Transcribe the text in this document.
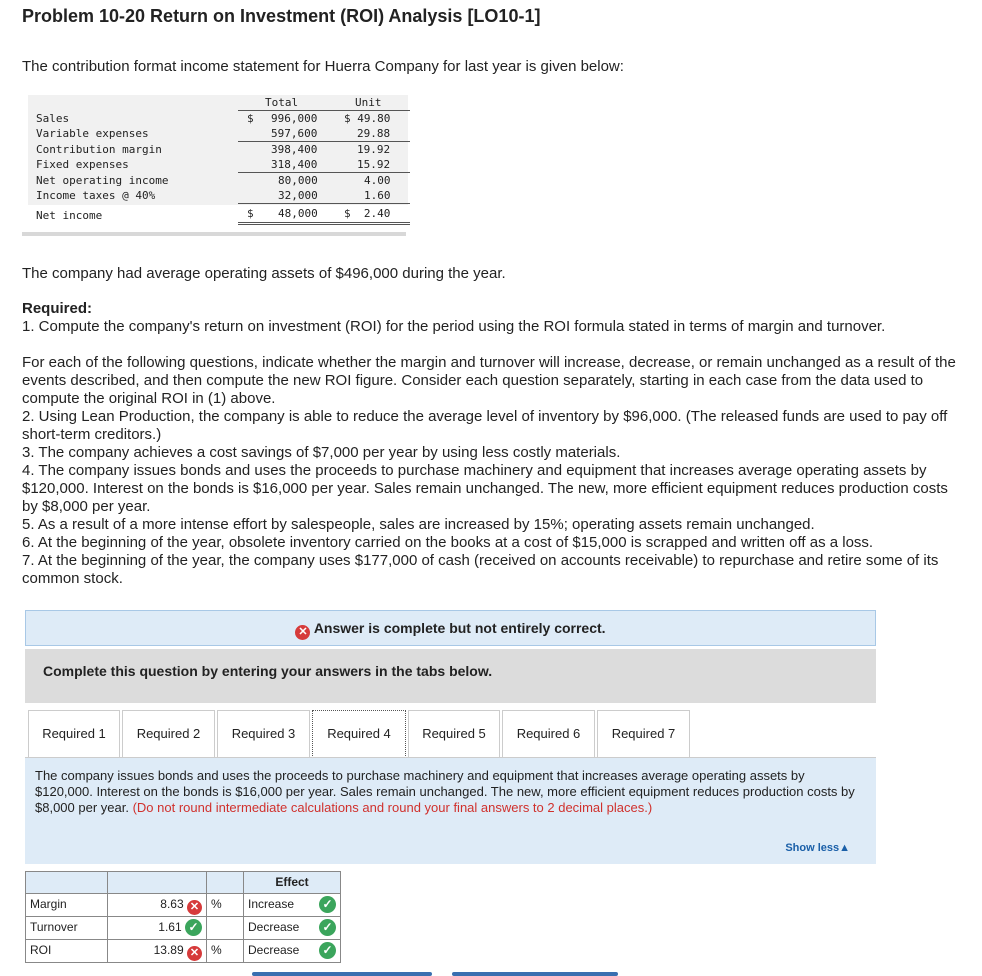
Problem 10-20 Return on Investment (ROI) Analysis [LO10-1]
The contribution format income statement for Huerra Company for last year is given below:
Total	Unit
Sales	$ 996,000 $ 49.80
Variable expenses	597,600	29.88
Contribution margin	398,400	19.92
Fixed expenses	318,400	15.92
Net operating income	80,000	4.00
Income taxes @ 40%	32,000	1.60
Net income	$ 48,000 $  2.40
The company had average operating assets of $496,000 during the year.
Required:
1. Compute the company's return on investment (ROI) for the period using the ROI formula stated in terms of margin and turnover.
For each of the following questions, indicate whether the margin and turnover will increase, decrease, or remain unchanged as a result of the events described, and then compute the new ROI figure. Consider each question separately, starting in each case from the data used to compute the original ROI in (1) above.
2. Using Lean Production, the company is able to reduce the average level of inventory by $96,000. (The released funds are used to pay off short-term creditors.)
3. The company achieves a cost savings of $7,000 per year by using less costly materials.
4. The company issues bonds and uses the proceeds to purchase machinery and equipment that increases average operating assets by $120,000. Interest on the bonds is $16,000 per year. Sales remain unchanged. The new, more efficient equipment reduces production costs by $8,000 per year.
5. As a result of a more intense effort by salespeople, sales are increased by 15%; operating assets remain unchanged.
6. At the beginning of the year, obsolete inventory carried on the books at a cost of $15,000 is scrapped and written off as a loss.
7. At the beginning of the year, the company uses $177,000 of cash (received on accounts receivable) to repurchase and retire some of its common stock.
✕ Answer is complete but not entirely correct.
Complete this question by entering your answers in the tabs below.
Required 1	Required 2	Required 3	Required 4	Required 5	Required 6	Required 7
The company issues bonds and uses the proceeds to purchase machinery and equipment that increases average operating assets by $120,000. Interest on the bonds is $16,000 per year. Sales remain unchanged. The new, more efficient equipment reduces production costs by $8,000 per year. (Do not round intermediate calculations and round your final answers to 2 decimal places.)
Show less▲
Effect
Margin	8.63 ✕ %	Increase ✓
Turnover	1.61 ✓	Decrease ✓
ROI	13.89 ✕ %	Decrease ✓
